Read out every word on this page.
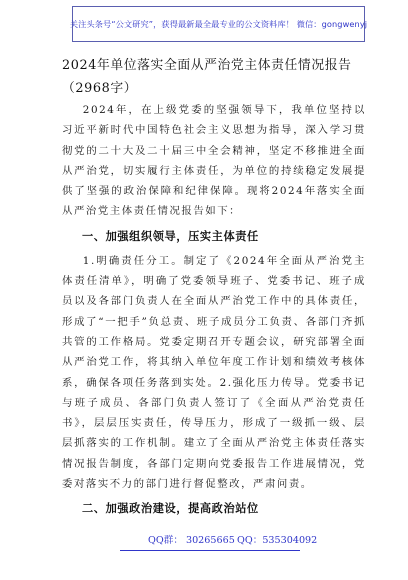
关注头条号“公文研究”，获得最新最全最专业的公文资料库！ 微信：gongwenyj
2024年单位落实全面从严治党主体责任情况报告（2968字）

2024年，在上级党委的坚强领导下，我单位坚持以习近平新时代中国特色社会主义思想为指导，深入学习贯彻党的二十大及二十届三中全会精神，坚定不移推进全面从严治党，切实履行主体责任，为单位的持续稳定发展提供了坚强的政治保障和纪律保障。现将2024年落实全面从严治党主体责任情况报告如下：

一、加强组织领导，压实主体责任

1.明确责任分工。制定了《2024年全面从严治党主体责任清单》，明确了党委领导班子、党委书记、班子成员以及各部门负责人在全面从严治党工作中的具体责任，形成了“一把手”负总责、班子成员分工负责、各部门齐抓共管的工作格局。党委定期召开专题会议，研究部署全面从严治党工作，将其纳入单位年度工作计划和绩效考核体系，确保各项任务落到实处。2.强化压力传导。党委书记与班子成员、各部门负责人签订了《全面从严治党责任书》，层层压实责任，传导压力，形成了一级抓一级、层层抓落实的工作机制。建立了全面从严治党主体责任落实情况报告制度，各部门定期向党委报告工作进展情况，党委对落实不力的部门进行督促整改，严肃问责。

二、加强政治建设，提高政治站位
QQ群： 30265665 QQ：535304092
